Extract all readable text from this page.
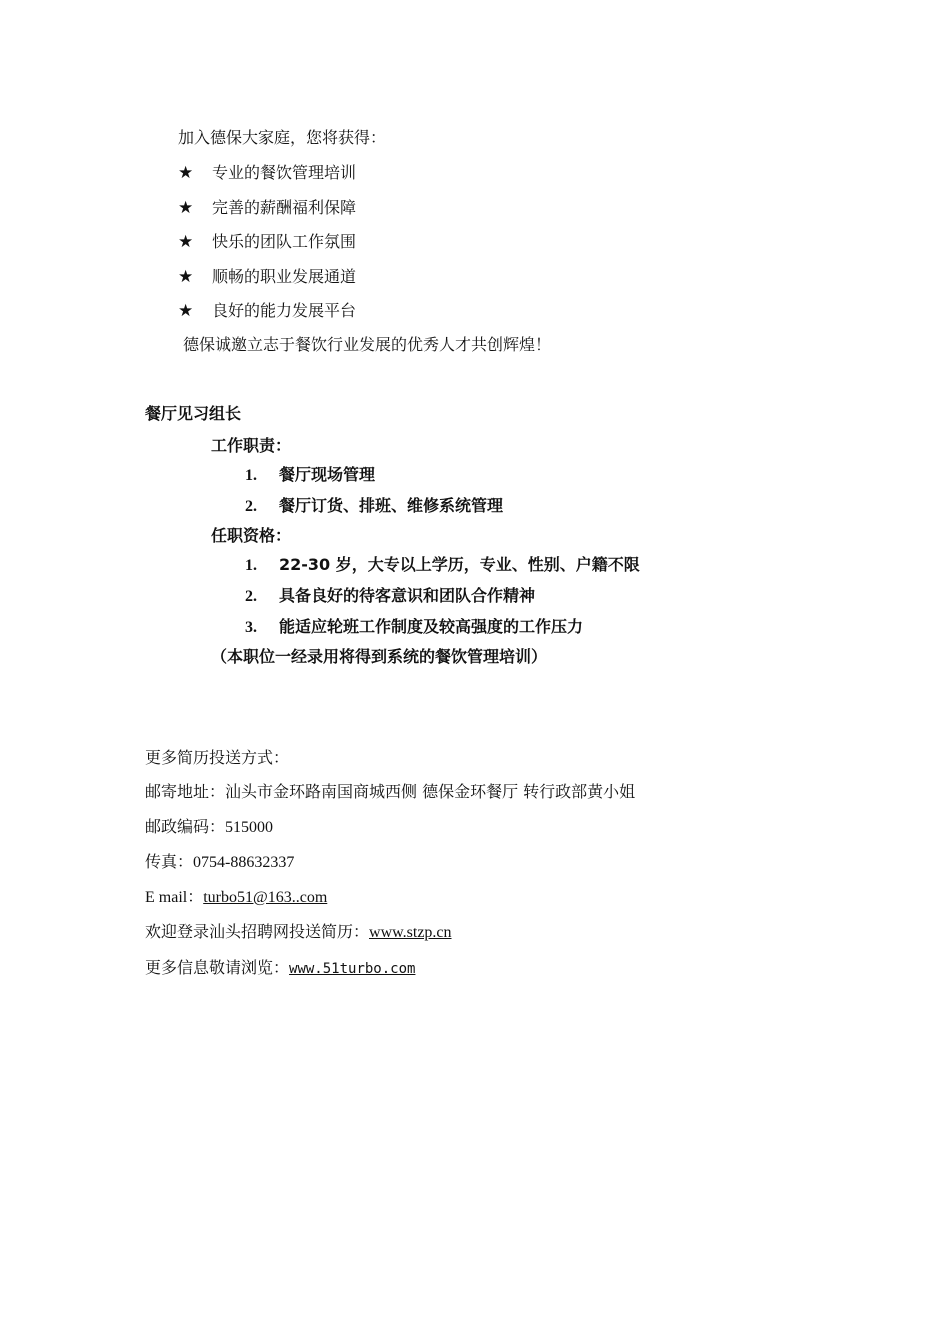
加入德保大家庭，您将获得：
★ 专业的餐饮管理培训
★ 完善的薪酬福利保障
★ 快乐的团队工作氛围
★ 顺畅的职业发展通道
★ 良好的能力发展平台
德保诚邀立志于餐饮行业发展的优秀人才共创辉煌！
餐厅见习组长
工作职责：
1. 餐厅现场管理
2. 餐厅订货、排班、维修系统管理
任职资格：
1. 22-30 岁，大专以上学历，专业、性别、户籍不限
2. 具备良好的待客意识和团队合作精神
3. 能适应轮班工作制度及较高强度的工作压力
（本职位一经录用将得到系统的餐饮管理培训）
更多简历投送方式：
邮寄地址：汕头市金环路南国商城西侧 德保金环餐厅 转行政部黄小姐
邮政编码：515000
传真：0754-88632337
E mail：turbo51@163..com
欢迎登录汕头招聘网投送简历：www.stzp.cn
更多信息敬请浏览：www.51turbo.com
